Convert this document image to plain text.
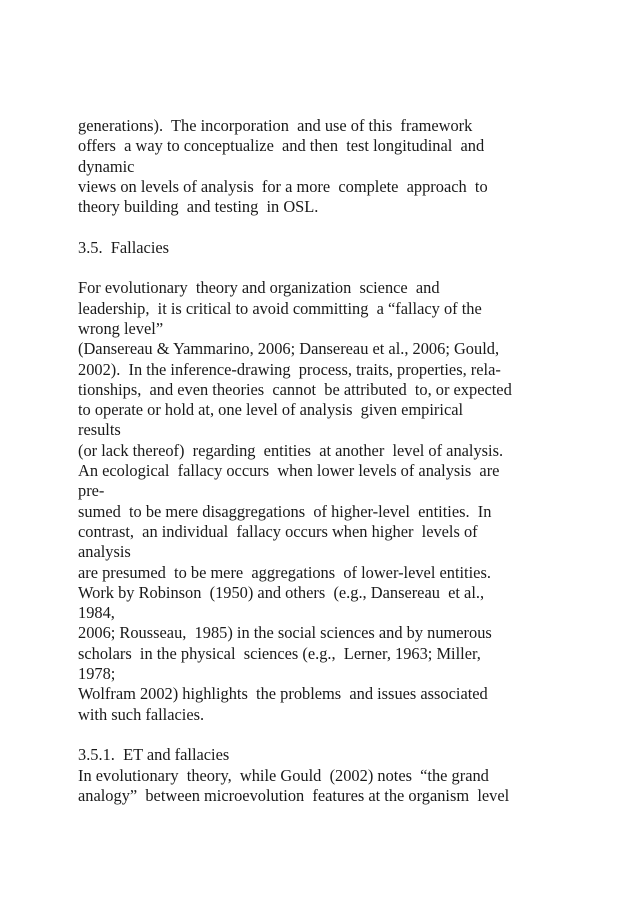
generations).  The incorporation  and use of this  framework
offers  a way to conceptualize  and then  test longitudinal  and
dynamic
views on levels of analysis  for a more  complete  approach  to
theory building  and testing  in OSL.
3.5.  Fallacies
For evolutionary  theory and organization  science  and
leadership,  it is critical to avoid committing  a “fallacy of the
wrong level”
(Dansereau & Yammarino, 2006; Dansereau et al., 2006; Gould,
2002).  In the inference-drawing  process, traits, properties, rela-
tionships,  and even theories  cannot  be attributed  to, or expected
to operate or hold at, one level of analysis  given empirical
results
(or lack thereof)  regarding  entities  at another  level of analysis.
An ecological  fallacy occurs  when lower levels of analysis  are
pre-
sumed  to be mere disaggregations  of higher-level  entities.  In
contrast,  an individual  fallacy occurs when higher  levels of
analysis
are presumed  to be mere  aggregations  of lower-level entities.
Work by Robinson  (1950) and others  (e.g., Dansereau  et al.,
1984,
2006; Rousseau,  1985) in the social sciences and by numerous
scholars  in the physical  sciences (e.g.,  Lerner, 1963; Miller,
1978;
Wolfram 2002) highlights  the problems  and issues associated
with such fallacies.
3.5.1.  ET and fallacies
In evolutionary  theory,  while Gould  (2002) notes  “the grand
analogy”  between microevolution  features at the organism  level
